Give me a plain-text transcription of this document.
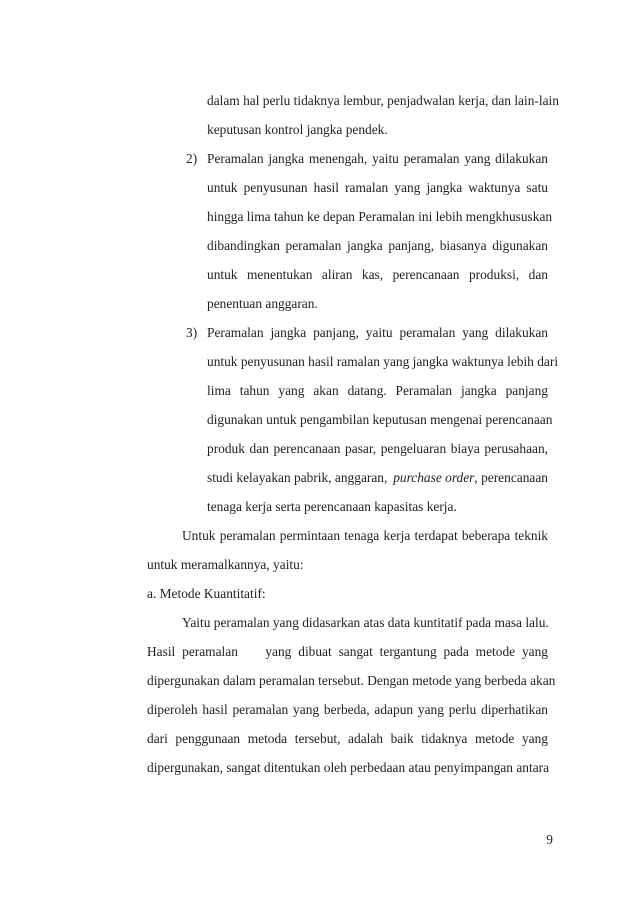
dalam hal perlu tidaknya lembur, penjadwalan kerja, dan lain-lain
keputusan kontrol jangka pendek.
2) Peramalan jangka menengah, yaitu peramalan yang dilakukan
untuk penyusunan hasil ramalan yang jangka waktunya satu
hingga lima tahun ke depan Peramalan ini lebih mengkhususkan
dibandingkan peramalan jangka panjang, biasanya digunakan
untuk menentukan aliran kas, perencanaan produksi, dan
penentuan anggaran.
3) Peramalan jangka panjang, yaitu peramalan yang dilakukan
untuk penyusunan hasil ramalan yang jangka waktunya lebih dari
lima tahun yang akan datang. Peramalan jangka panjang
digunakan untuk pengambilan keputusan mengenai perencanaan
produk dan perencanaan pasar, pengeluaran biaya perusahaan,
studi kelayakan pabrik, anggaran, purchase order, perencanaan
tenaga kerja serta perencanaan kapasitas kerja.
Untuk peramalan permintaan tenaga kerja terdapat beberapa teknik
untuk meramalkannya, yaitu:
a. Metode Kuantitatif:
Yaitu peramalan yang didasarkan atas data kuntitatif pada masa lalu.
Hasil peramalan    yang dibuat sangat tergantung pada metode yang
dipergunakan dalam peramalan tersebut. Dengan metode yang berbeda akan
diperoleh hasil peramalan yang berbeda, adapun yang perlu diperhatikan
dari penggunaan metoda tersebut, adalah baik tidaknya metode yang
dipergunakan, sangat ditentukan oleh perbedaan atau penyimpangan antara
9
